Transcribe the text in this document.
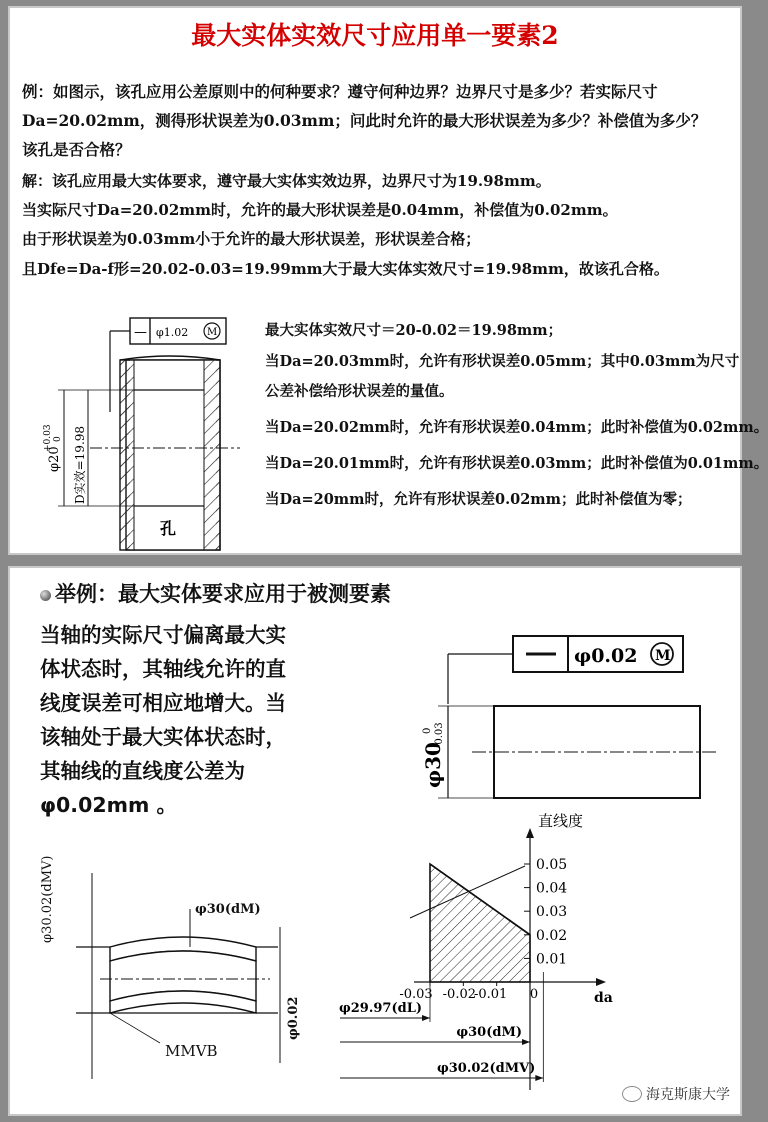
最大实体实效尺寸应用单一要素2
例：如图示，该孔应用公差原则中的何种要求？遵守何种边界？边界尺寸是多少？若实际尺寸
Da=20.02mm，测得形状误差为0.03mm；问此时允许的最大形状误差为多少？补偿值为多少？
该孔是否合格？
解：该孔应用最大实体要求，遵守最大实体实效边界，边界尺寸为19.98mm。
当实际尺寸Da=20.02mm时，允许的最大形状误差是0.04mm，补偿值为0.02mm。
由于形状误差为0.03mm小于允许的最大形状误差，形状误差合格；
且Dfe=Da-f形=20.02-0.03=19.99mm大于最大实体实效尺寸=19.98mm，故该孔合格。
— φ1.02 M
φ20
+0.03 0 D实效=19.98
孔
最大实体实效尺寸＝20-0.02＝19.98mm；
当Da=20.03mm时，允许有形状误差0.05mm；其中0.03mm为尺寸
公差补偿给形状误差的量值。
当Da=20.02mm时，允许有形状误差0.04mm；此时补偿值为0.02mm。
当Da=20.01mm时，允许有形状误差0.03mm；此时补偿值为0.01mm。
当Da=20mm时，允许有形状误差0.02mm；此时补偿值为零；
举例：最大实体要求应用于被测要素
当轴的实际尺寸偏离最大实
体状态时，其轴线允许的直
线度误差可相应地增大。当
该轴处于最大实体状态时，
其轴线的直线度公差为
φ0.02mm 。
φ0.02 M
φ30
0 -0.03
φ30.02(dMV)	φ30(dM)
φ0.02
MMVB
0.01
0.02
0.03
0.04
0.05
-0.03 -0.02
-0.01 0
直线度
da
φ29.97(dL)
φ30(dM)
φ30.02(dMV)
海克斯康大学
